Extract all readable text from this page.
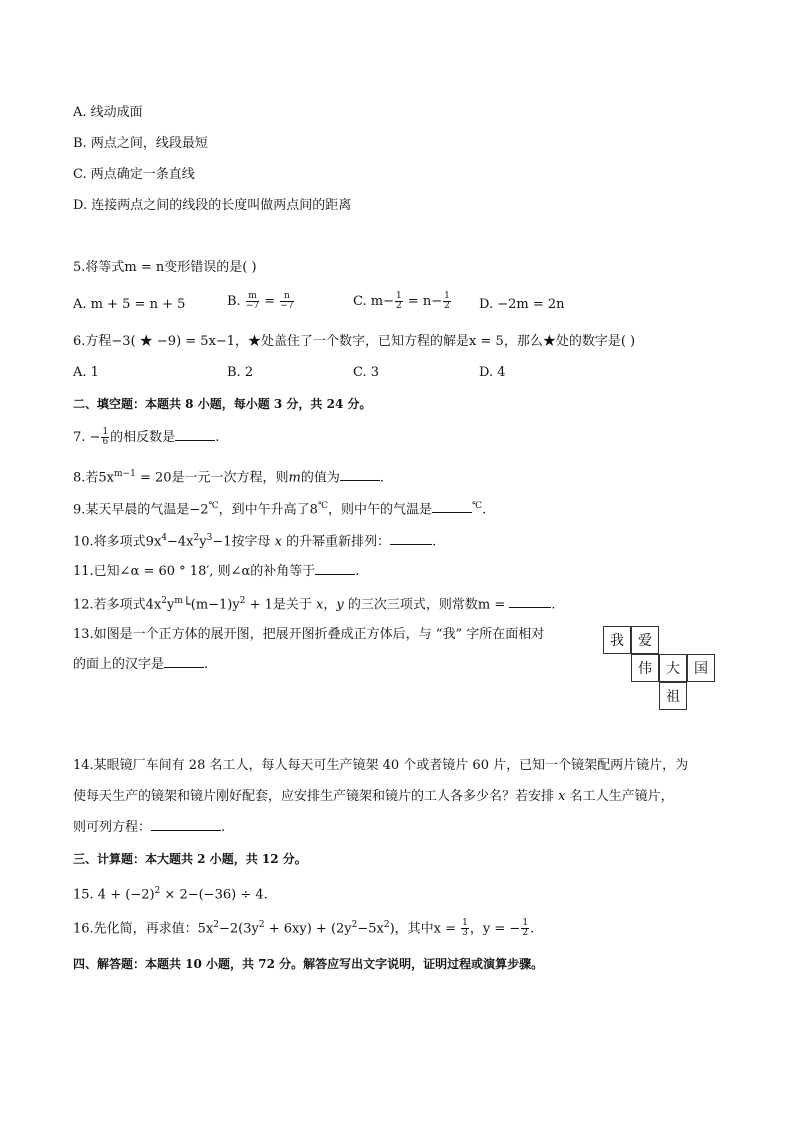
A. 线动成面
B. 两点之间，线段最短
C. 两点确定一条直线
D. 连接两点之间的线段的长度叫做两点间的距离
5.将等式m = n变形错误的是( )
A. m + 5 = n + 5	B. $\frac{m}{-7} = \frac{n}{-7}$	C. $m- \frac{1}{2} = n- \frac{1}{2} D$. −2m = 2n
6.方程−3( ★ −9) = 5x−1，★处盖住了一个数字，已知方程的解是x = 5，那么★处的数字是( )
A. 1	B. 2	C. 3	D. 4
二、填空题：本题共 8 小题，每小题 3 分，共 24 分。
7. − $\frac{1}{6}$ 的相反数是	.
8.若$5x^{m-1} = 20$是一元一次方程，则m的值为	.
9.某天早晨的气温是−2℃，到中午升高了8℃，则中午的气温是	℃.
10.将多项式$9x^4-4x^2y^3-1$按字母 x 的升幂重新排列：	.
11.已知∠α = 60 ° 18′, 则∠α的补角等于	.
12.若多项式$4x^2y^m└(m-1)y^2 + 1$是关于 x，y 的三次三项式，则常数m =	.
13.如图是一个正方体的展开图，把展开图折叠成正方体后，与 “我” 字所在面相对
的面上的汉字是	.
我	爱
伟	大	国
祖
14.某眼镜厂车间有 28 名工人，每人每天可生产镜架 40 个或者镜片 60 片，已知一个镜架配两片镜片，为
使每天生产的镜架和镜片刚好配套，应安排生产镜架和镜片的工人各多少名？若安排 x 名工人生产镜片，
则可列方程：	.
三、计算题：本大题共 2 小题，共 12 分。
15. $4 + (-2)^2 \times 2-(-36) \div 4$.
16.先化简，再求值：$5x^2-2(3y^2 + 6xy) + (2y^2-5x^2)$，其中$x = \frac{1}{3}$ ，y = − $\frac{1}{2}$ .
四、解答题：本题共 10 小题，共 72 分。解答应写出文字说明，证明过程或演算步骤。
